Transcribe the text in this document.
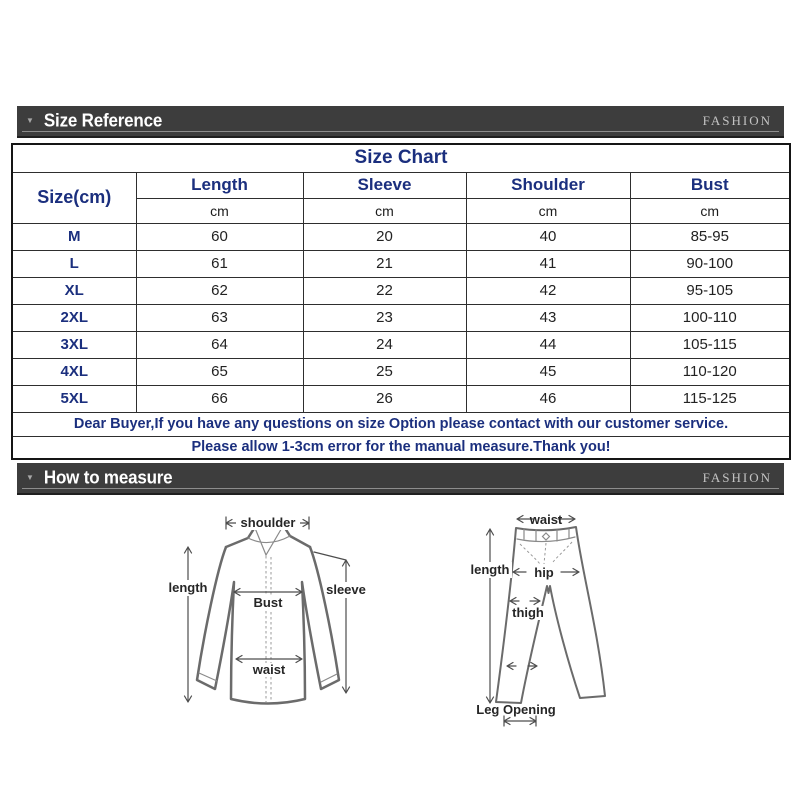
▼ Size Reference	FASHION
Size Chart				
Size(cm)	Length	Sleeve	Shoulder	Bust
	cm	cm	cm	cm
M	60	20	40	85-95
L	61	21	41	90-100
XL	62	22	42	95-105
2XL	63	23	43	100-110
3XL	64	24	44	105-115
4XL	65	25	45	110-120
5XL	66	26	46	115-125
Dear Buyer,If you have any questions on size Option please contact with our customer service.				
Please allow 1-3cm error for the manual measure.Thank you!				
▼ How to measure	FASHION
shoulder
length	sleeve
Bust
waist
waist
length hip
thigh
Leg Opening
